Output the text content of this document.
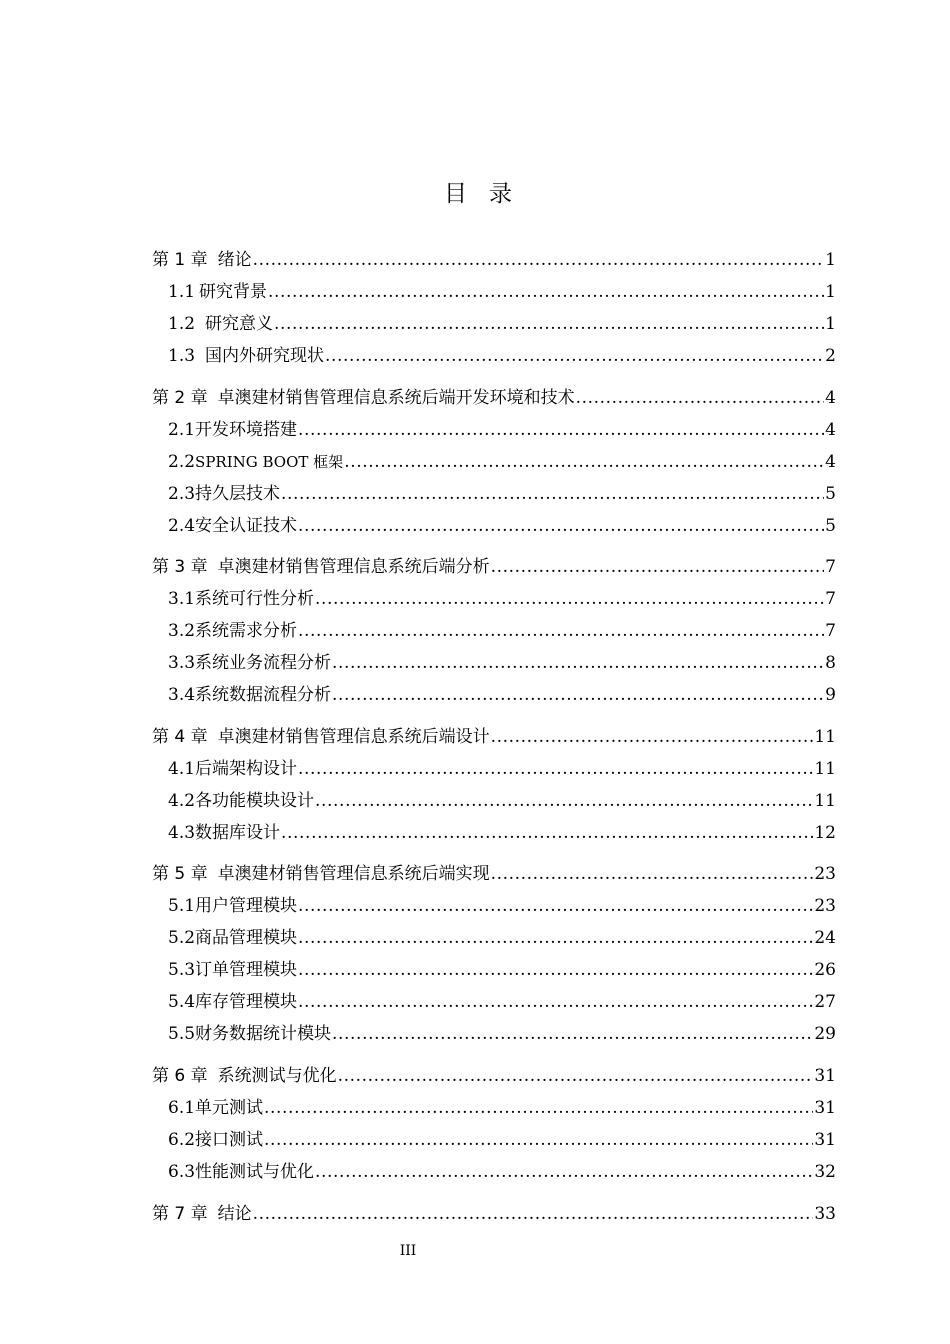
目录
第 1 章 绪论 .....	1
1.1 研究背景 .....	1
1.2 研究意义 .....	1
1.3 国内外研究现状 .....	2
第 2 章 卓澳建材销售管理信息系统后端开发环境和技术 .....	4
2.1 开发环境搭建 .....	4
2.2 SPRING BOOT 框架 .....	4
2.3 持久层技术 .....	5
2.4 安全认证技术 .....	5
第 3 章 卓澳建材销售管理信息系统后端分析 .....	7
3.1 系统可行性分析 .....	7
3.2 系统需求分析 .....	7
3.3 系统业务流程分析 .....	8
3.4 系统数据流程分析 .....	9
第 4 章 卓澳建材销售管理信息系统后端设计 .....	11
4.1 后端架构设计 .....	11
4.2 各功能模块设计 .....	11
4.3 数据库设计 .....	12
第 5 章 卓澳建材销售管理信息系统后端实现 .....	23
5.1 用户管理模块 .....	23
5.2 商品管理模块 .....	24
5.3 订单管理模块 .....	26
5.4 库存管理模块 .....	27
5.5 财务数据统计模块 .....	29
第 6 章 系统测试与优化 .....	31
6.1 单元测试 .....	31
6.2 接口测试 .....	31
6.3 性能测试与优化 .....	32
第 7 章 结论 .....	33
III
